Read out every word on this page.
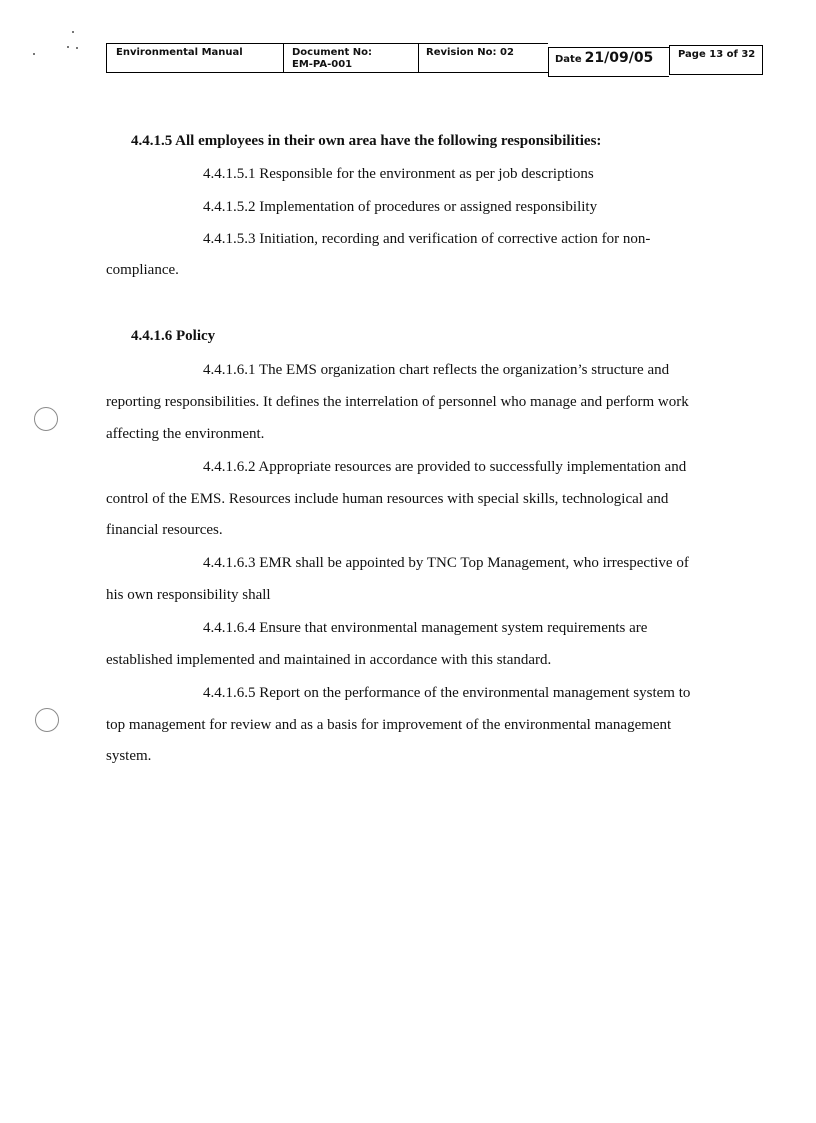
Environmental Manual	Document No:
EM-PA-001
Revision No: 02
Date 21/09/05	Page 13 of 32
4.4.1.5 All employees in their own area have the following responsibilities:
4.4.1.5.1 Responsible for the environment as per job descriptions
4.4.1.5.2 Implementation of procedures or assigned responsibility
4.4.1.5.3 Initiation, recording and verification of corrective action for non-
compliance.
4.4.1.6 Policy
4.4.1.6.1 The EMS organization chart reflects the organization’s structure and
reporting responsibilities. It defines the interrelation of personnel who manage and perform work
affecting the environment.
4.4.1.6.2 Appropriate resources are provided to successfully implementation and
control of the EMS. Resources include human resources with special skills, technological and
financial resources.
4.4.1.6.3 EMR shall be appointed by TNC Top Management, who irrespective of
his own responsibility shall
4.4.1.6.4 Ensure that environmental management system requirements are
established implemented and maintained in accordance with this standard.
4.4.1.6.5 Report on the performance of the environmental management system to
top management for review and as a basis for improvement of the environmental management
system.
